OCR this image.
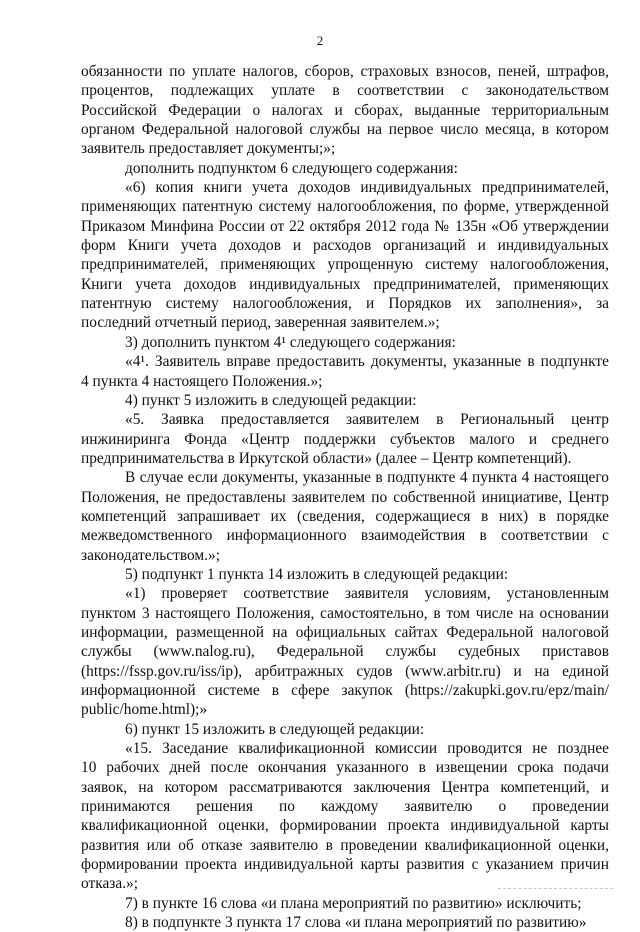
2

обязанности по уплате налогов, сборов, страховых взносов, пеней, штрафов,

процентов, подлежащих уплате в соответствии с законодательством

Российской Федерации о налогах и сборах, выданные территориальным

органом Федеральной налоговой службы на первое число месяца, в котором

заявитель предоставляет документы;»;

дополнить подпунктом 6 следующего содержания:

«6) копия книги учета доходов индивидуальных предпринимателей,

применяющих патентную систему налогообложения, по форме, утвержденной

Приказом Минфина России от 22 октября 2012 года № 135н «Об утверждении

форм Книги учета доходов и расходов организаций и индивидуальных

предпринимателей, применяющих упрощенную систему налогообложения,

Книги учета доходов индивидуальных предпринимателей, применяющих

патентную систему налогообложения, и Порядков их заполнения», за

последний отчетный период, заверенная заявителем.»;

3) дополнить пунктом 4¹ следующего содержания:

«4¹. Заявитель вправе предоставить документы, указанные в подпункте

4 пункта 4 настоящего Положения.»;

4) пункт 5 изложить в следующей редакции:

«5. Заявка предоставляется заявителем в Региональный центр

инжиниринга Фонда «Центр поддержки субъектов малого и среднего

предпринимательства в Иркутской области» (далее – Центр компетенций).

В случае если документы, указанные в подпункте 4 пункта 4 настоящего

Положения, не предоставлены заявителем по собственной инициативе, Центр

компетенций запрашивает их (сведения, содержащиеся в них) в порядке

межведомственного информационного взаимодействия в соответствии с

законодательством.»;

5) подпункт 1 пункта 14 изложить в следующей редакции:

«1) проверяет соответствие заявителя условиям, установленным

пунктом 3 настоящего Положения, самостоятельно, в том числе на основании

информации, размещенной на официальных сайтах Федеральной налоговой

службы (www.nalog.ru), Федеральной службы судебных приставов

(https://fssp.gov.ru/iss/ip), арбитражных судов (www.arbitr.ru) и на единой

информационной системе в сфере закупок (https://zakupki.gov.ru/epz/main/

public/home.html);»

6) пункт 15 изложить в следующей редакции:

«15. Заседание квалификационной комиссии проводится не позднее

10 рабочих дней после окончания указанного в извещении срока подачи

заявок, на котором рассматриваются заключения Центра компетенций, и

принимаются решения по каждому заявителю о проведении

квалификационной оценки, формировании проекта индивидуальной карты

развития или об отказе заявителю в проведении квалификационной оценки,

формировании проекта индивидуальной карты развития с указанием причин

отказа.»;

7) в пункте 16 слова «и плана мероприятий по развитию» исключить;

8) в подпункте 3 пункта 17 слова «и плана мероприятий по развитию»
